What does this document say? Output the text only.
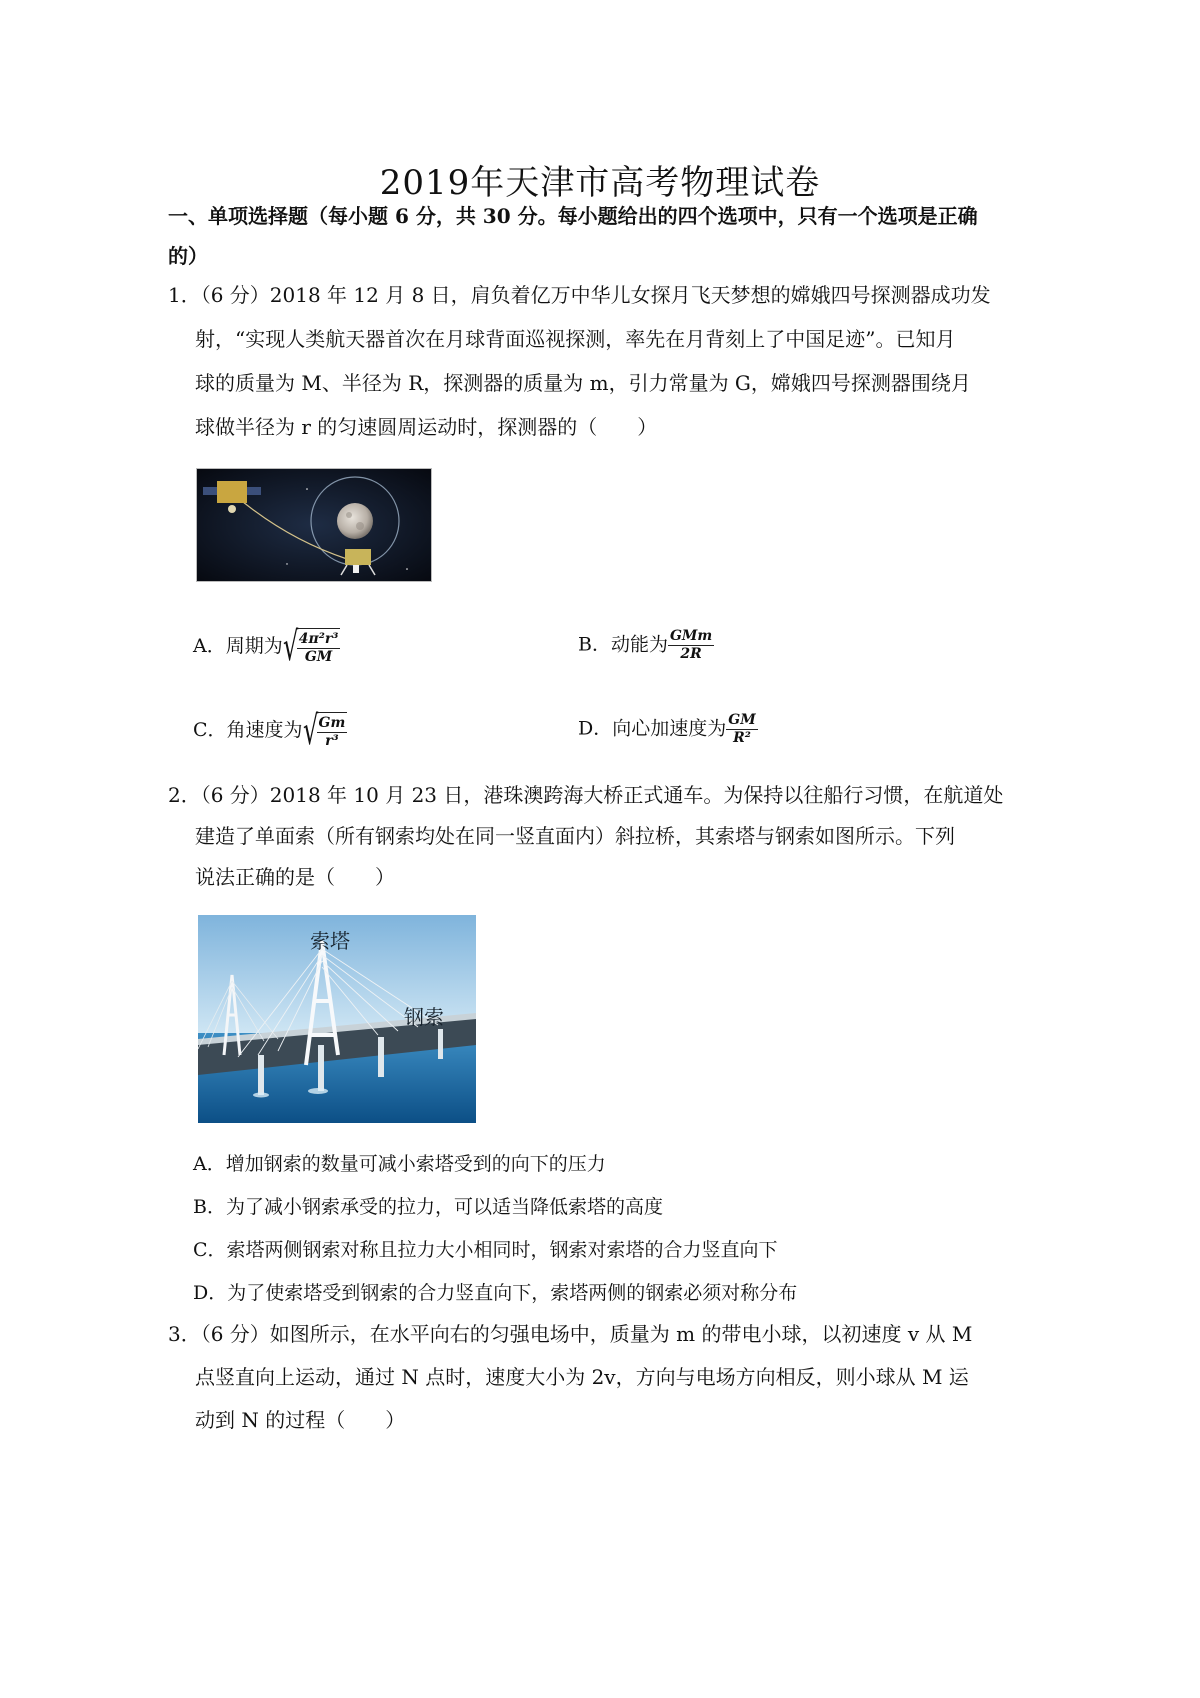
2019年天津市高考物理试卷
一、单项选择题（每小题 6 分，共 30 分。每小题给出的四个选项中，只有一个选项是正确
的）
1．（6 分）2018 年 12 月 8 日，肩负着亿万中华儿女探月飞天梦想的嫦娥四号探测器成功发
射，“实现人类航天器首次在月球背面巡视探测，率先在月背刻上了中国足迹”。已知月
球的质量为 M、半径为 R，探测器的质量为 m，引力常量为 G，嫦娥四号探测器围绕月
球做半径为 r 的匀速圆周运动时，探测器的（　　）
A．周期为 √
$\frac{\text{4π²r³}}{GM}$	B．动能为 $\frac{\text{GMm}}{2R}$
C．角速度为 √
$\frac{Gm}{\text{r³}}$	D．向心加速度为 $\frac{GM}{\text{R²}}$
2．（6 分）2018 年 10 月 23 日，港珠澳跨海大桥正式通车。为保持以往船行习惯，在航道处
建造了单面索（所有钢索均处在同一竖直面内）斜拉桥，其索塔与钢索如图所示。下列
说法正确的是（　　）
索塔
钢索
A．增加钢索的数量可减小索塔受到的向下的压力
B．为了减小钢索承受的拉力，可以适当降低索塔的高度
C．索塔两侧钢索对称且拉力大小相同时，钢索对索塔的合力竖直向下
D．为了使索塔受到钢索的合力竖直向下，索塔两侧的钢索必须对称分布
3．（6 分）如图所示，在水平向右的匀强电场中，质量为 m 的带电小球，以初速度 v 从 M
点竖直向上运动，通过 N 点时，速度大小为 2v，方向与电场方向相反，则小球从 M 运
动到 N 的过程（　　）
